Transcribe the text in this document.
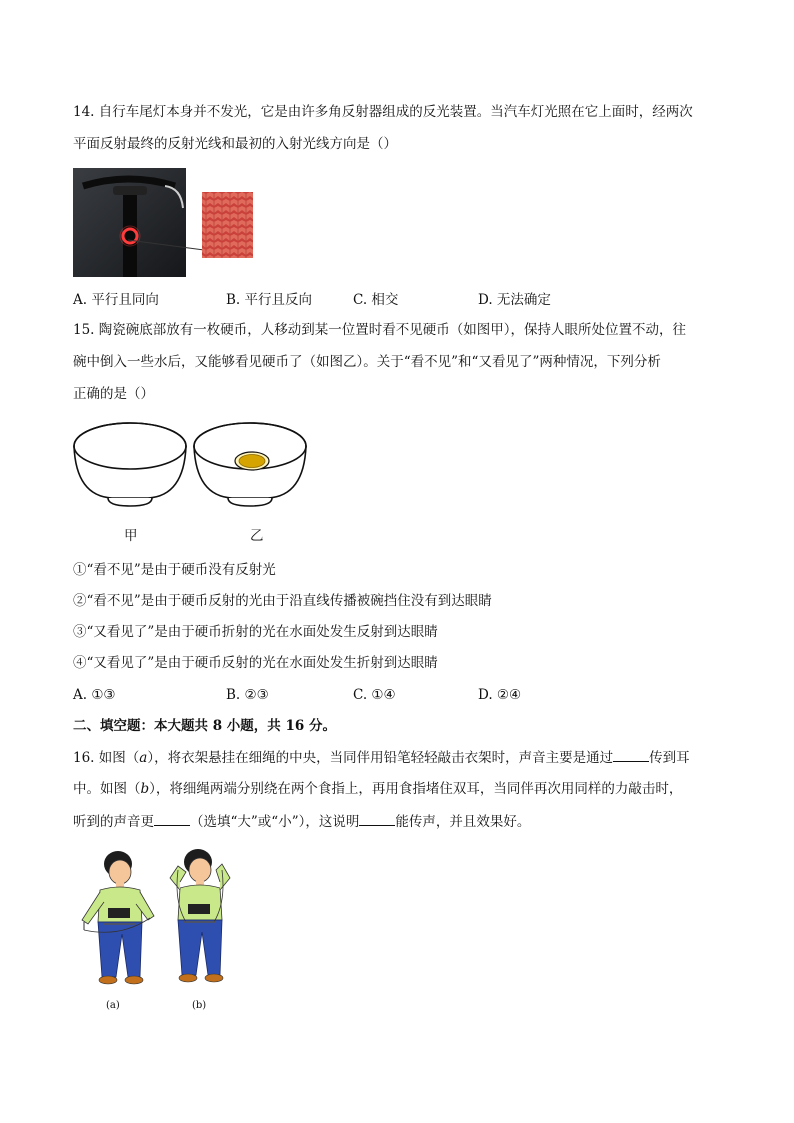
14. 自行车尾灯本身并不发光，它是由许多角反射器组成的反光装置。当汽车灯光照在它上面时，经两次
平面反射最终的反射光线和最初的入射光线方向是（）
A. 平行且同向	B. 平行且反向	C. 相交	D. 无法确定
15. 陶瓷碗底部放有一枚硬币，人移动到某一位置时看不见硬币（如图甲），保持人眼所处位置不动，往
碗中倒入一些水后，又能够看见硬币了（如图乙）。关于“看不见”和“又看见了”两种情况，下列分析
正确的是（）
甲	乙
①“看不见”是由于硬币没有反射光
②“看不见”是由于硬币反射的光由于沿直线传播被碗挡住没有到达眼睛
③“又看见了”是由于硬币折射的光在水面处发生反射到达眼睛
④“又看见了”是由于硬币反射的光在水面处发生折射到达眼睛
A. ①③	B. ②③	C. ①④	D. ②④
二、填空题：本大题共 8 小题，共 16 分。
16. 如图（a），将衣架悬挂在细绳的中央，当同伴用铅笔轻轻敲击衣架时，声音主要是通过	传到耳
中。如图（b），将细绳两端分别绕在两个食指上，再用食指堵住双耳，当同伴再次用同样的力敲击时，
听到的声音更	（选填“大”或“小”），这说明	能传声，并且效果好。
(a)	(b)
